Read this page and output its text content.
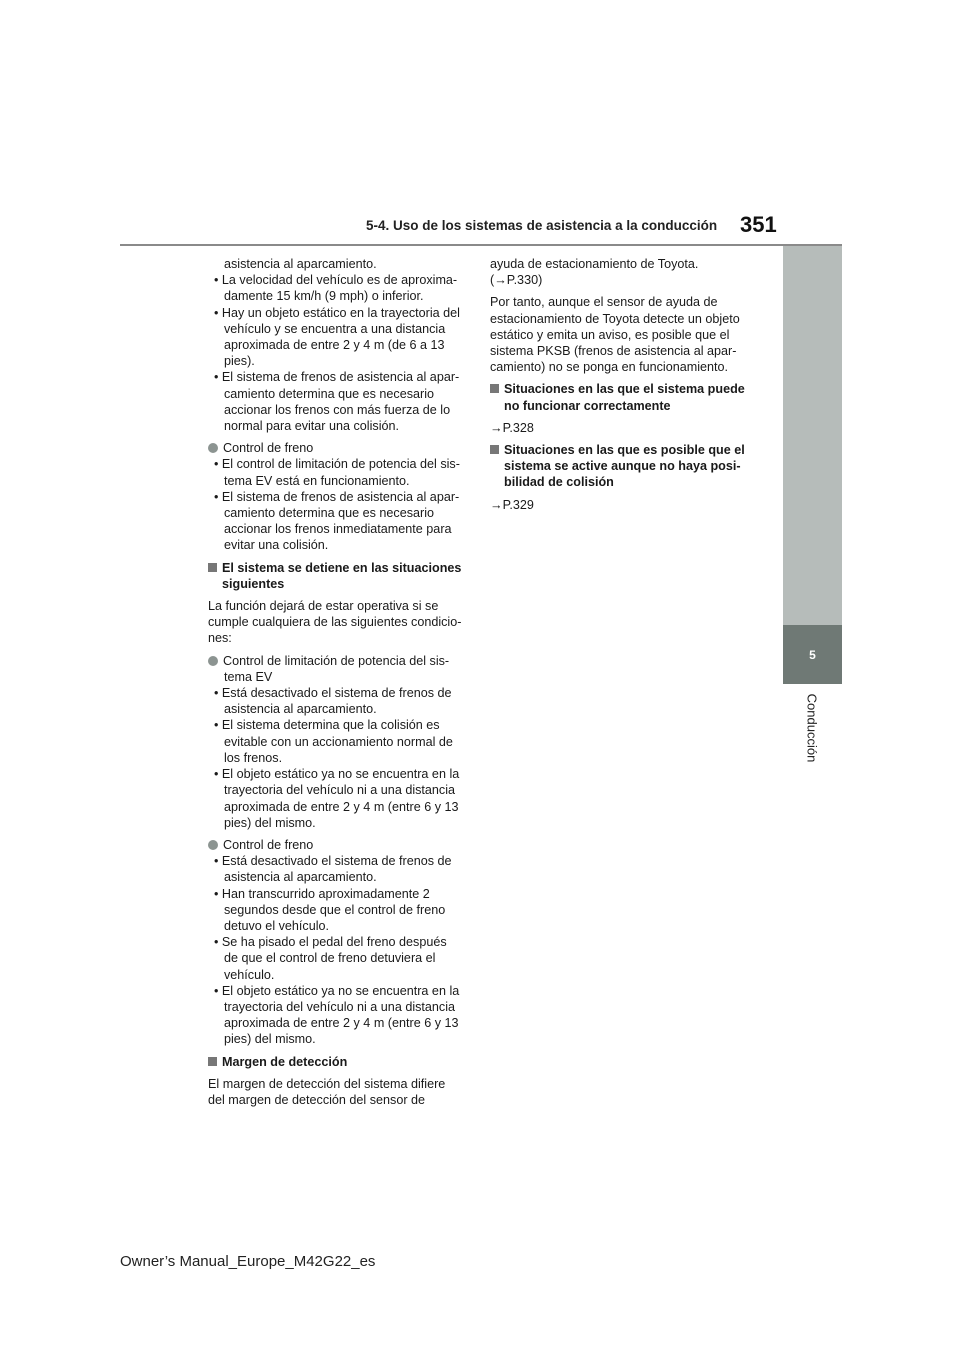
5-4. Uso de los sistemas de asistencia a la conducción 351
5
Conducción
asistencia al aparcamiento.
• La velocidad del vehículo es de aproxima-
damente 15 km/h (9 mph) o inferior.
• Hay un objeto estático en la trayectoria del
vehículo y se encuentra a una distancia
aproximada de entre 2 y 4 m (de 6 a 13
pies).
• El sistema de frenos de asistencia al apar-
camiento determina que es necesario
accionar los frenos con más fuerza de lo
normal para evitar una colisión.
Control de freno
• El control de limitación de potencia del sis-
tema EV está en funcionamiento.
• El sistema de frenos de asistencia al apar-
camiento determina que es necesario
accionar los frenos inmediatamente para
evitar una colisión.
El sistema se detiene en las situaciones
siguientes
La función dejará de estar operativa si se
cumple cualquiera de las siguientes condicio-
nes:
Control de limitación de potencia del sis-
tema EV
• Está desactivado el sistema de frenos de
asistencia al aparcamiento.
• El sistema determina que la colisión es
evitable con un accionamiento normal de
los frenos.
• El objeto estático ya no se encuentra en la
trayectoria del vehículo ni a una distancia
aproximada de entre 2 y 4 m (entre 6 y 13
pies) del mismo.
Control de freno
• Está desactivado el sistema de frenos de
asistencia al aparcamiento.
• Han transcurrido aproximadamente 2
segundos desde que el control de freno
detuvo el vehículo.
• Se ha pisado el pedal del freno después
de que el control de freno detuviera el
vehículo.
• El objeto estático ya no se encuentra en la
trayectoria del vehículo ni a una distancia
aproximada de entre 2 y 4 m (entre 6 y 13
pies) del mismo.
Margen de detección
El margen de detección del sistema difiere
del margen de detección del sensor de
ayuda de estacionamiento de Toyota.
(→P.330)
Por tanto, aunque el sensor de ayuda de
estacionamiento de Toyota detecte un objeto
estático y emita un aviso, es posible que el
sistema PKSB (frenos de asistencia al apar-
camiento) no se ponga en funcionamiento.
Situaciones en las que el sistema puede
no funcionar correctamente
→P.328
Situaciones en las que es posible que el
sistema se active aunque no haya posi-
bilidad de colisión
→P.329
Owner’s Manual_Europe_M42G22_es
